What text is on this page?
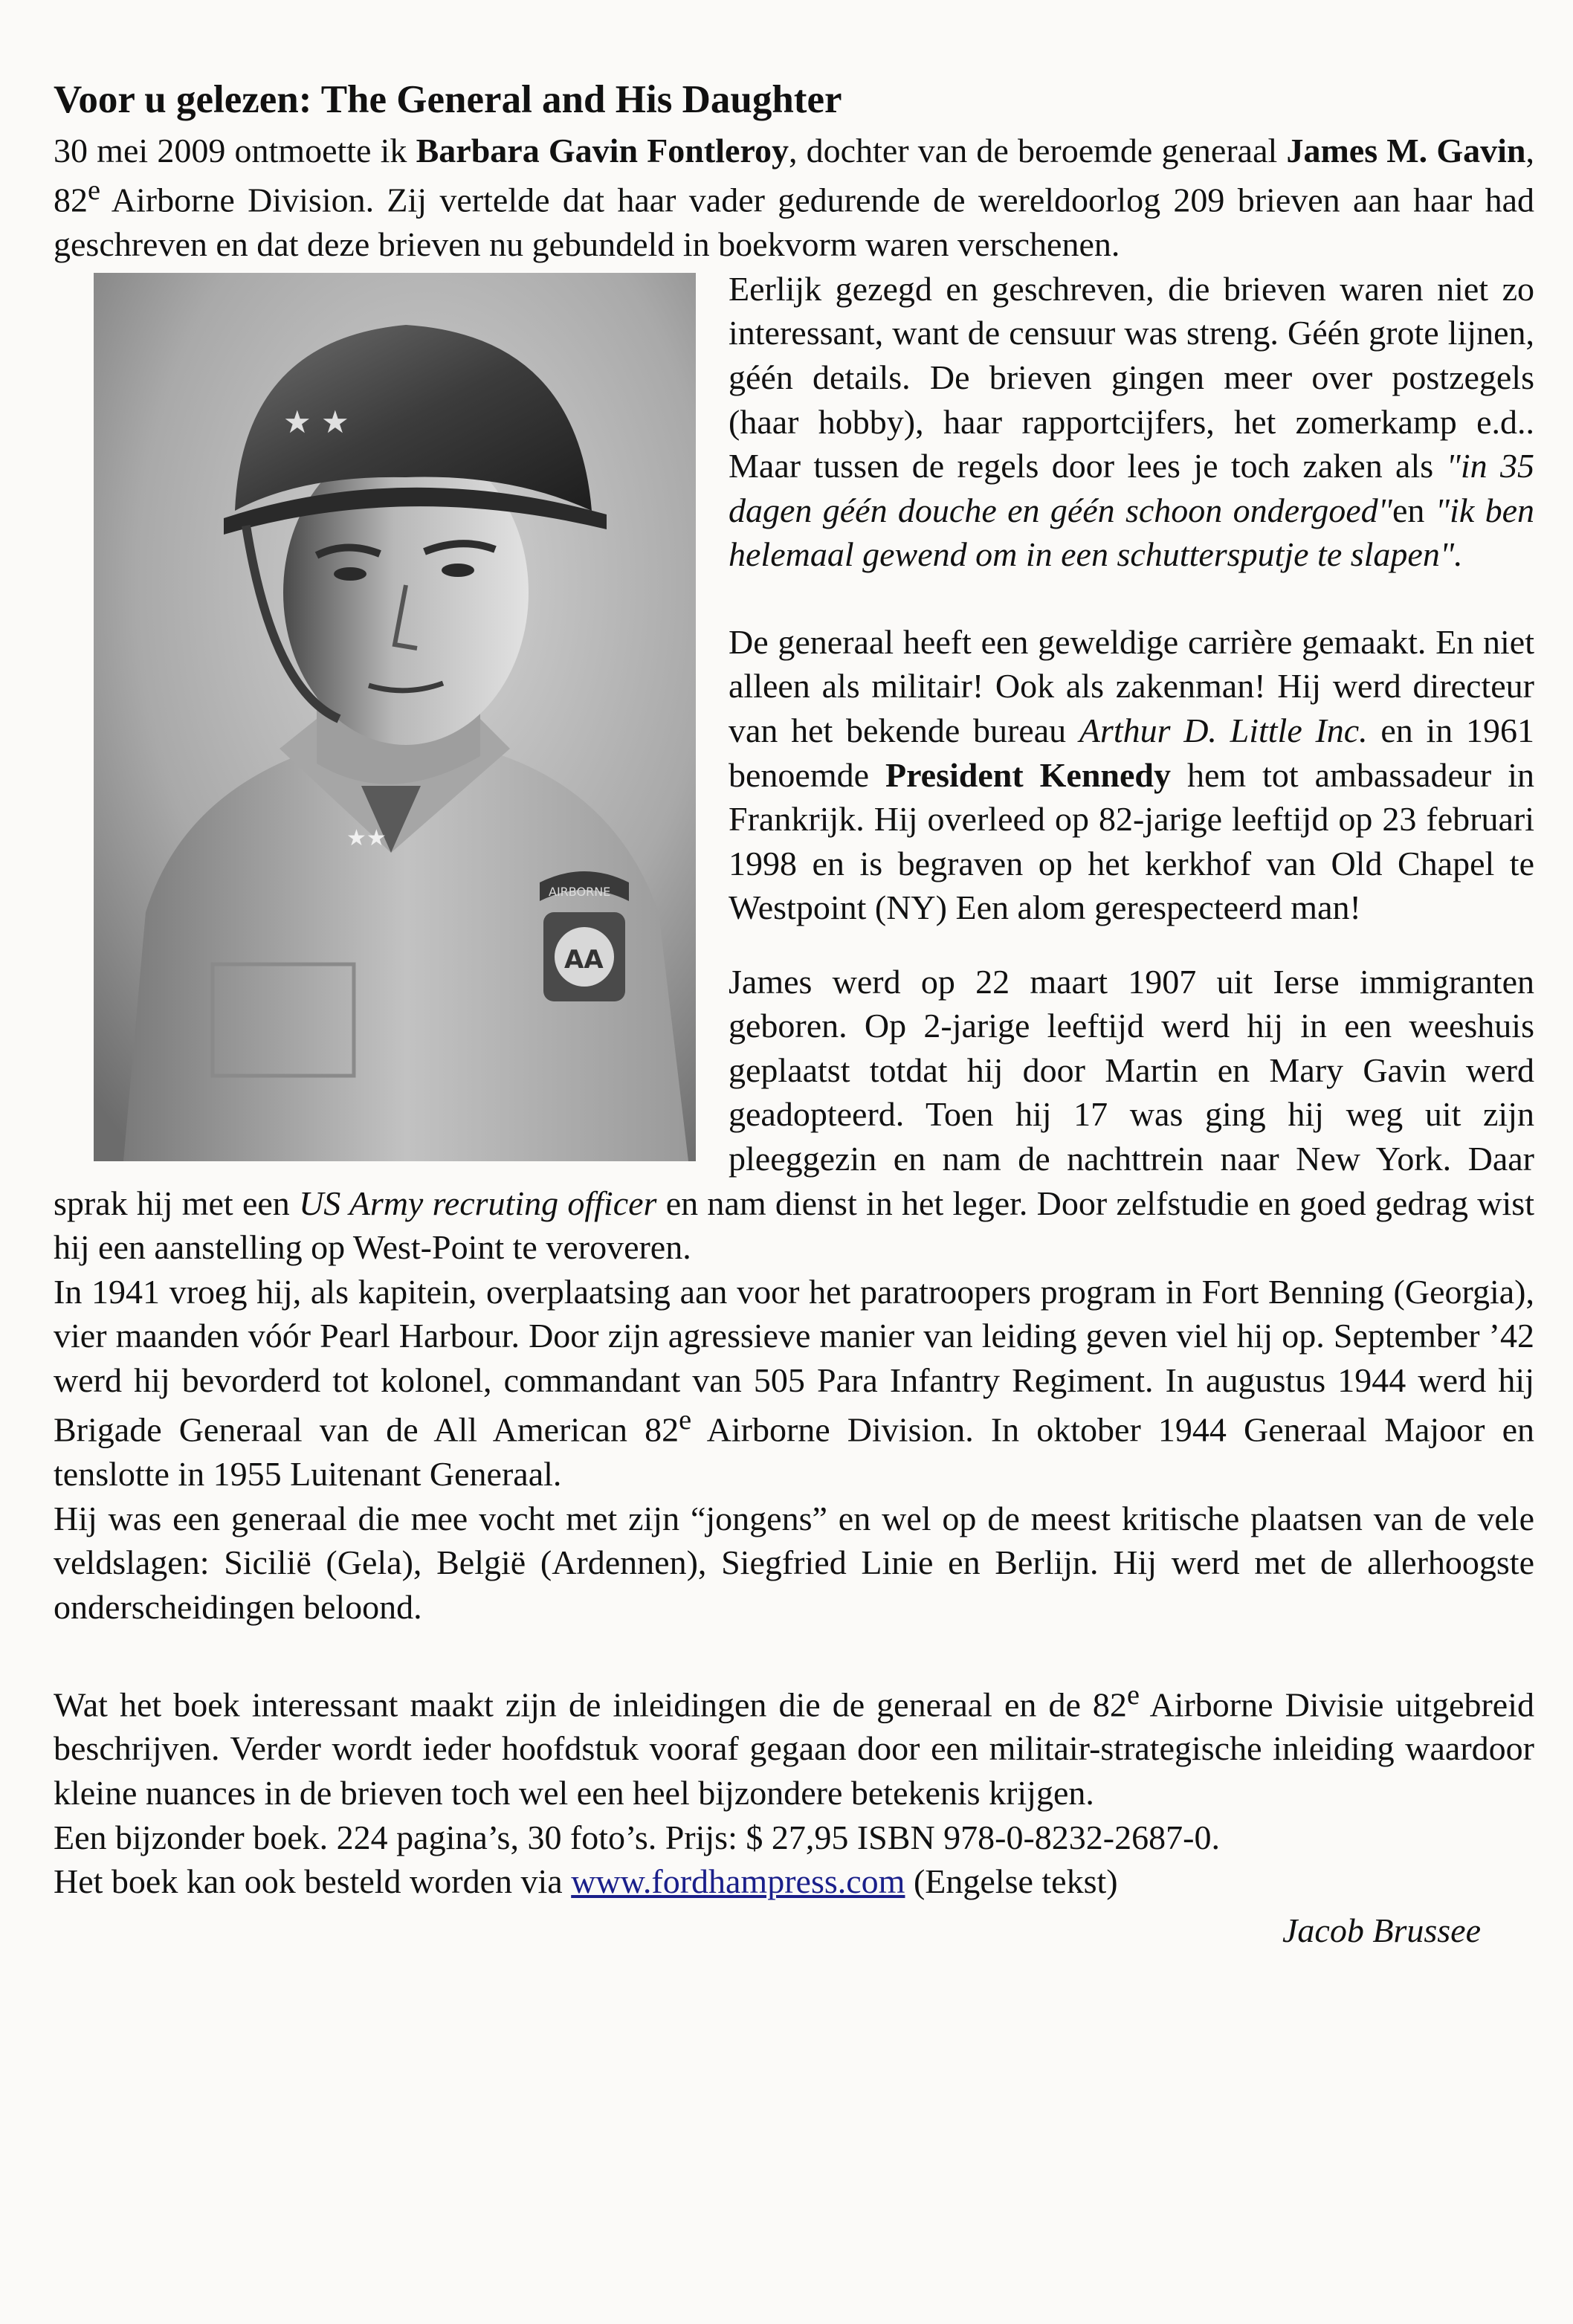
Voor u gelezen: The General and His Daughter

30 mei 2009 ontmoette ik Barbara Gavin Fontleroy, dochter van de beroemde generaal James M. Gavin, 82e Airborne Division. Zij vertelde dat haar vader gedurende de wereldoorlog 209 brieven aan haar had geschreven en dat deze brieven nu gebundeld in boekvorm waren verschenen.

★ ★
★★
AIRBORNE
AA

Eerlijk gezegd en geschreven, die brieven waren niet zo interessant, want de censuur was streng. Géén grote lijnen, géén details. De brieven gingen meer over postzegels (haar hobby), haar rapportcijfers, het zomerkamp e.d.. Maar tussen de regels door lees je toch zaken als "in 35 dagen géén douche en géén schoon ondergoed"en "ik ben helemaal gewend om in een schuttersputje te slapen".

De generaal heeft een geweldige carrière gemaakt. En niet alleen als militair! Ook als zakenman! Hij werd directeur van het bekende bureau Arthur D. Little Inc. en in 1961 benoemde President Kennedy hem tot ambassadeur in Frankrijk. Hij overleed op 82-jarige leeftijd op 23 februari 1998 en is begraven op het kerkhof van Old Chapel te Westpoint (NY) Een alom gerespecteerd man!

James werd op 22 maart 1907 uit Ierse immigranten geboren. Op 2-jarige leeftijd werd hij in een weeshuis geplaatst totdat hij door Martin en Mary Gavin werd geadopteerd. Toen hij 17 was ging hij weg uit zijn pleeggezin en nam de nachttrein naar New York. Daar sprak hij met een US Army recruting officer en nam dienst in het leger. Door zelfstudie en goed gedrag wist hij een aanstelling op West-Point te veroveren.

In 1941 vroeg hij, als kapitein, overplaatsing aan voor het paratroopers program in Fort Benning (Georgia), vier maanden vóór Pearl Harbour. Door zijn agressieve manier van leiding geven viel hij op. September ’42 werd hij bevorderd tot kolonel, commandant van 505 Para Infantry Regiment. In augustus 1944 werd hij Brigade Generaal van de All American 82e Airborne Division. In oktober 1944 Generaal Majoor en tenslotte in 1955 Luitenant Generaal.

Hij was een generaal die mee vocht met zijn “jongens” en wel op de meest kritische plaatsen van de vele veldslagen: Sicilië (Gela), België (Ardennen), Siegfried Linie en Berlijn. Hij werd met de allerhoogste onderscheidingen beloond.

Wat het boek interessant maakt zijn de inleidingen die de generaal en de 82e Airborne Divisie uitgebreid beschrijven. Verder wordt ieder hoofdstuk vooraf gegaan door een militair-strategische inleiding waardoor kleine nuances in de brieven toch wel een heel bijzondere betekenis krijgen.

Een bijzonder boek. 224 pagina’s, 30 foto’s. Prijs: $ 27,95 ISBN 978-0-8232-2687-0.

Het boek kan ook besteld worden via www.fordhampress.com (Engelse tekst)

Jacob Brussee
